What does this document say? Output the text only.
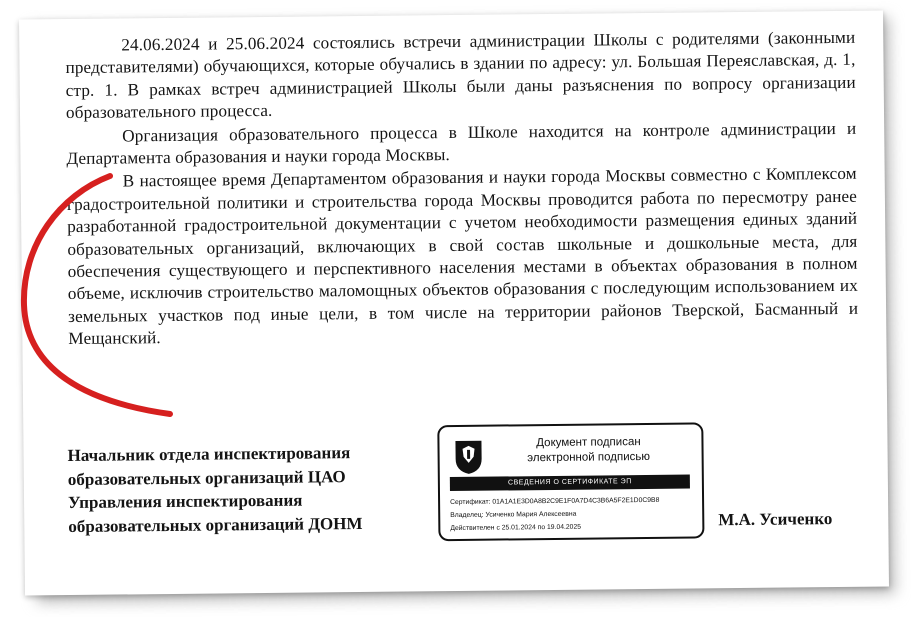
24.06.2024 и 25.06.2024 состоялись встречи администрации Школы с родителями (законными представителями) обучающихся, которые обучались в здании по адресу: ул. Большая Переяславская, д. 1, стр. 1. В рамках встреч администрацией Школы были даны разъяснения по вопросу организации образовательного процесса.

Организация образовательного процесса в Школе находится на контроле администрации и Департамента образования и науки города Москвы.

В настоящее время Департаментом образования и науки города Москвы совместно с Комплексом градостроительной политики и строительства города Москвы проводится работа по пересмотру ранее разработанной градостроительной документации с учетом необходимости размещения единых зданий образовательных организаций, включающих в свой состав школьные и дошкольные места, для обеспечения существующего и перспективного населения местами в объектах образования в полном объеме, исключив строительство маломощных объектов образования с последующим использованием их земельных участков под иные цели, в том числе на территории районов Тверской, Басманный и Мещанский.

Начальник отдела инспектирования
образовательных организаций ЦАО
Управления инспектирования
образовательных организаций ДОНМ
Документ подписан
электронной подписью
СВЕДЕНИЯ О СЕРТИФИКАТЕ ЭП
Сертификат: 01A1A1E3D0A8B2C9E1F0A7D4C3B6A5F2E1D0C9B8
Владелец: Усиченко Мария Алексеевна
Действителен с 25.01.2024 по 19.04.2025	М.А. Усиченко
